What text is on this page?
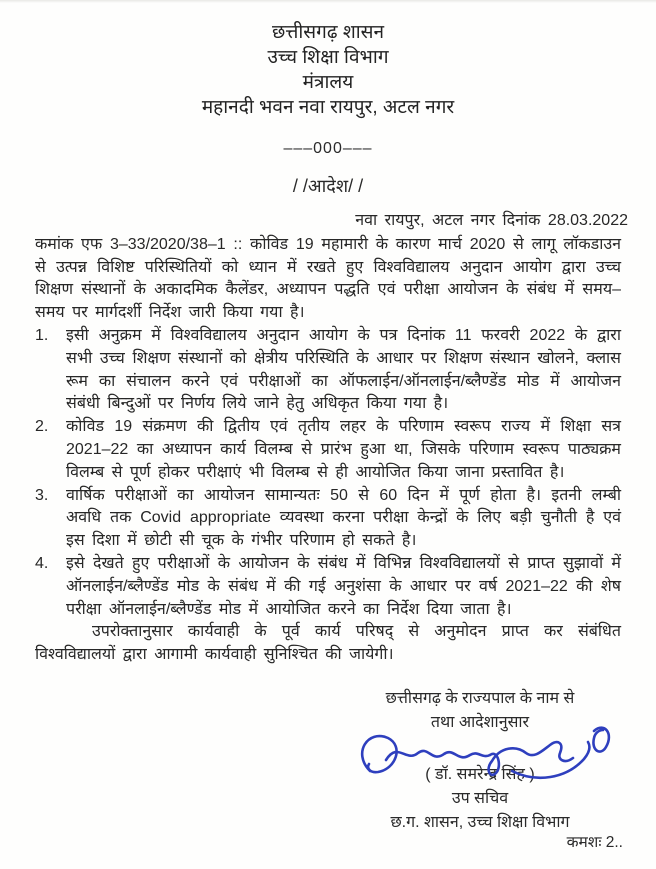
छत्तीसगढ़ शासन
उच्च शिक्षा विभाग
मंत्रालय
महानदी भवन नवा रायपुर, अटल नगर
–––000–––
/ /आदेश/ /
नवा रायपुर, अटल नगर दिनांक 28.03.2022

कमांक एफ 3–33/2020/38–1 :: कोविड 19 महामारी के कारण मार्च 2020 से लागू लॉकडाउन से उत्पन्न विशिष्ट परिस्थितियों को ध्यान में रखते हुए विश्वविद्यालय अनुदान आयोग द्वारा उच्च शिक्षण संस्थानों के अकादमिक कैलेंडर, अध्यापन पद्धति एवं परीक्षा आयोजन के संबंध में समय–समय पर मार्गदर्शी निर्देश जारी किया गया है।

1.	इसी अनुक्रम में विश्वविद्यालय अनुदान आयोग के पत्र दिनांक 11 फरवरी 2022 के द्वारा सभी उच्च शिक्षण संस्थानों को क्षेत्रीय परिस्थिति के आधार पर शिक्षण संस्थान खोलने, क्लास रूम का संचालन करने एवं परीक्षाओं का ऑफलाईन/ऑनलाईन/ब्लैण्डेंड मोड में आयोजन संबंधी बिन्दुओं पर निर्णय लिये जाने हेतु अधिकृत किया गया है।
2.	कोविड 19 संक्रमण की द्वितीय एवं तृतीय लहर के परिणाम स्वरूप राज्य में शिक्षा सत्र 2021–22 का अध्यापन कार्य विलम्ब से प्रारंभ हुआ था, जिसके परिणाम स्वरूप पाठ्यक्रम विलम्ब से पूर्ण होकर परीक्षाएं भी विलम्ब से ही आयोजित किया जाना प्रस्तावित है।
3.	वार्षिक परीक्षाओं का आयोजन सामान्यतः 50 से 60 दिन में पूर्ण होता है। इतनी लम्बी अवधि तक Covid appropriate व्यवस्था करना परीक्षा केन्द्रों के लिए बड़ी चुनौती है एवं इस दिशा में छोटी सी चूक के गंभीर परिणाम हो सकते है।
4.	इसे देखते हुए परीक्षाओं के आयोजन के संबंध में विभिन्न विश्वविद्यालयों से प्राप्त सुझावों में ऑनलाईन/ब्लैण्डेंड मोड के संबंध में की गई अनुशंसा के आधार पर वर्ष 2021–22 की शेष परीक्षा ऑनलाईन/ब्लैण्डेंड मोड में आयोजित करने का निर्देश दिया जाता है।

उपरोक्तानुसार कार्यवाही के पूर्व कार्य परिषद् से अनुमोदन प्राप्त कर संबंधित विश्वविद्यालयों द्वारा आगामी कार्यवाही सुनिश्चित की जायेगी।

छत्तीसगढ़ के राज्यपाल के नाम से
तथा आदेशानुसार
( डॉ. समरेन्द्र सिंह )
उप सचिव
छ.ग. शासन, उच्च शिक्षा विभाग
कमशः 2..
